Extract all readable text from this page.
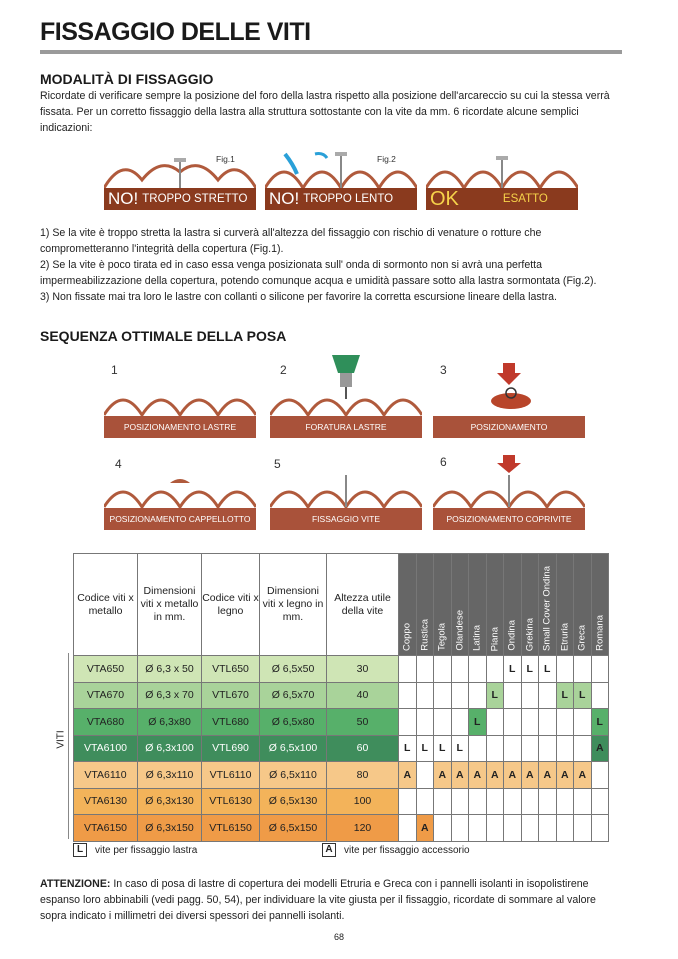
FISSAGGIO DELLE VITI
MODALITÀ DI FISSAGGIO

Ricordate di verificare sempre la posizione del foro della lastra rispetto alla posizione dell'arcareccio su cui la stessa verrà fissata. Per un corretto fissaggio della lastra alla struttura sottostante con la vite da mm. 6 ricordate alcune semplici indicazioni:

Fig.1
NO! TROPPO STRETTO
Fig.2
NO! TROPPO LENTO OK	ESATTO

1) Se la vite è troppo stretta la lastra si curverà all'altezza del fissaggio con rischio di venature o rotture che comprometteranno l'integrità della copertura (Fig.1).

2) Se la vite è poco tirata ed in caso essa venga posizionata sull' onda di sormonto non si avrà una perfetta impermeabilizzazione della copertura, potendo comunque acqua e umidità passare sotto alla lastra sormontata (Fig.2).

3) Non fissate mai tra loro le lastre con collanti o silicone per favorire la corretta escursione lineare della lastra.

SEQUENZA OTTIMALE DELLA POSA
1
POSIZIONAMENTO LASTRE
2
FORATURA LASTRE
3
POSIZIONAMENTO
4
POSIZIONAMENTO CAPPELLOTTO
5
FISSAGGIO VITE
6
POSIZIONAMENTO COPRIVITE
VITI
Codice viti x metallo	Dimensioni viti x metallo in mm.	Codice viti x legno	Dimensioni viti x legno in mm.	Altezza utile della vite	Coppo	Rustica	Tegola	Olandese	Latina	Piana	Ondina	Grekina	Small Cover Ondina	Etruria	Greca	Romana

VTA650	Ø 6,3 x 50	VTL650	Ø 6,5x50	30							L	L	L			
VTA670	Ø 6,3 x 70	VTL670	Ø 6,5x70	40						L				L	L	
VTA680	Ø 6,3x80	VTL680	Ø 6,5x80	50					L							L
VTA6100	Ø 6,3x100	VTL690	Ø 6,5x100	60	L	L	L	L								A
VTA6110	Ø 6,3x110	VTL6110	Ø 6,5x110	80	A		A	A	A	A	A	A	A	A	A	
VTA6130	Ø 6,3x130	VTL6130	Ø 6,5x130	100												
VTA6150	Ø 6,3x150	VTL6150	Ø 6,5x150	120		A										
L	vite per fissaggio lastra	A	vite per fissaggio accessorio

ATTENZIONE: In caso di posa di lastre di copertura dei modelli Etruria e Greca con i pannelli isolanti in isopolistirene espanso loro abbinabili (vedi pagg. 50, 54), per individuare la vite giusta per il fissaggio, ricordate di sommare al valore sopra indicato i millimetri dei diversi spessori dei pannelli isolanti.

68
